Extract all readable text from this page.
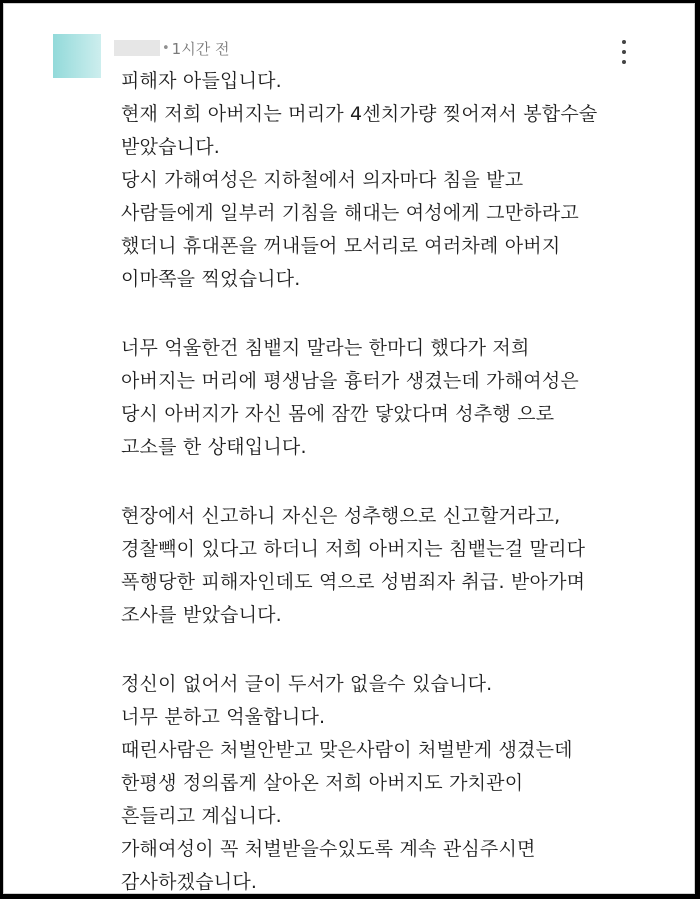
• 1시간 전
피해자 아들입니다.
현재 저희 아버지는 머리가 4센치가량 찢어져서 봉합수술
받았습니다.
당시 가해여성은 지하철에서 의자마다 침을 밭고
사람들에게 일부러 기침을 해대는 여성에게 그만하라고
했더니 휴대폰을 꺼내들어 모서리로 여러차례 아버지
이마쪽을 찍었습니다.
너무 억울한건 침뱉지 말라는 한마디 했다가 저희
아버지는 머리에 평생남을 흉터가 생겼는데 가해여성은
당시 아버지가 자신 몸에 잠깐 닿았다며 성추행 으로
고소를 한 상태입니다.
현장에서 신고하니 자신은 성추행으로 신고할거라고,
경찰빽이 있다고 하더니 저희 아버지는 침뱉는걸 말리다
폭행당한 피해자인데도 역으로 성범죄자 취급. 받아가며
조사를 받았습니다.
정신이 없어서 글이 두서가 없을수 있습니다.
너무 분하고 억울합니다.
때린사람은 처벌안받고 맞은사람이 처벌받게 생겼는데
한평생 정의롭게 살아온 저희 아버지도 가치관이
흔들리고 계십니다.
가해여성이 꼭 처벌받을수있도록 계속 관심주시면
감사하겠습니다.
